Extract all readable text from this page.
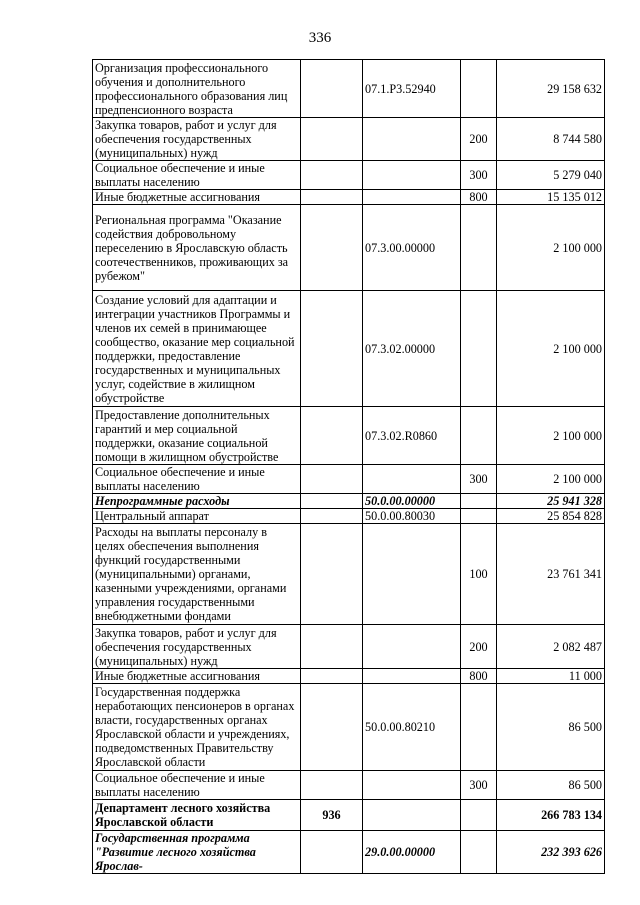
336
Организация профессионального обучения и дополнительного профессионального образования лиц предпенсионного возраста		07.1.P3.52940		29 158 632
Закупка товаров, работ и услуг для обеспечения государственных (муниципальных) нужд			200	8 744 580
Социальное обеспечение и иные выплаты населению			300	5 279 040
Иные бюджетные ассигнования			800	15 135 012
Региональная программа "Оказание содействия добровольному переселению в Ярославскую область соотечественников, проживающих за рубежом"		07.3.00.00000		2 100 000
Создание условий для адаптации и интеграции участников Программы и членов их семей в принимающее сообщество, оказание мер социальной поддержки, предоставление государственных и муниципальных услуг, содействие в жилищном обустройстве		07.3.02.00000		2 100 000
Предоставление дополнительных гарантий и мер социальной поддержки, оказание социальной помощи в жилищном обустройстве		07.3.02.R0860		2 100 000
Социальное обеспечение и иные выплаты населению			300	2 100 000
Непрограммные расходы		50.0.00.00000		25 941 328
Центральный аппарат		50.0.00.80030		25 854 828
Расходы на выплаты персоналу в целях обеспечения выполнения функций государственными (муниципальными) органами, казенными учреждениями, органами управления государственными внебюджетными фондами			100	23 761 341
Закупка товаров, работ и услуг для обеспечения государственных (муниципальных) нужд			200	2 082 487
Иные бюджетные ассигнования			800	11 000
Государственная поддержка неработающих пенсионеров в органах власти, государственных органах Ярославской области и учреждениях, подведомственных Правительству Ярославской области		50.0.00.80210		86 500
Социальное обеспечение и иные выплаты населению			300	86 500
Департамент лесного хозяйства Ярославской области	936			266 783 134
Государственная программа "Развитие лесного хозяйства Ярослав-		29.0.00.00000		232 393 626
